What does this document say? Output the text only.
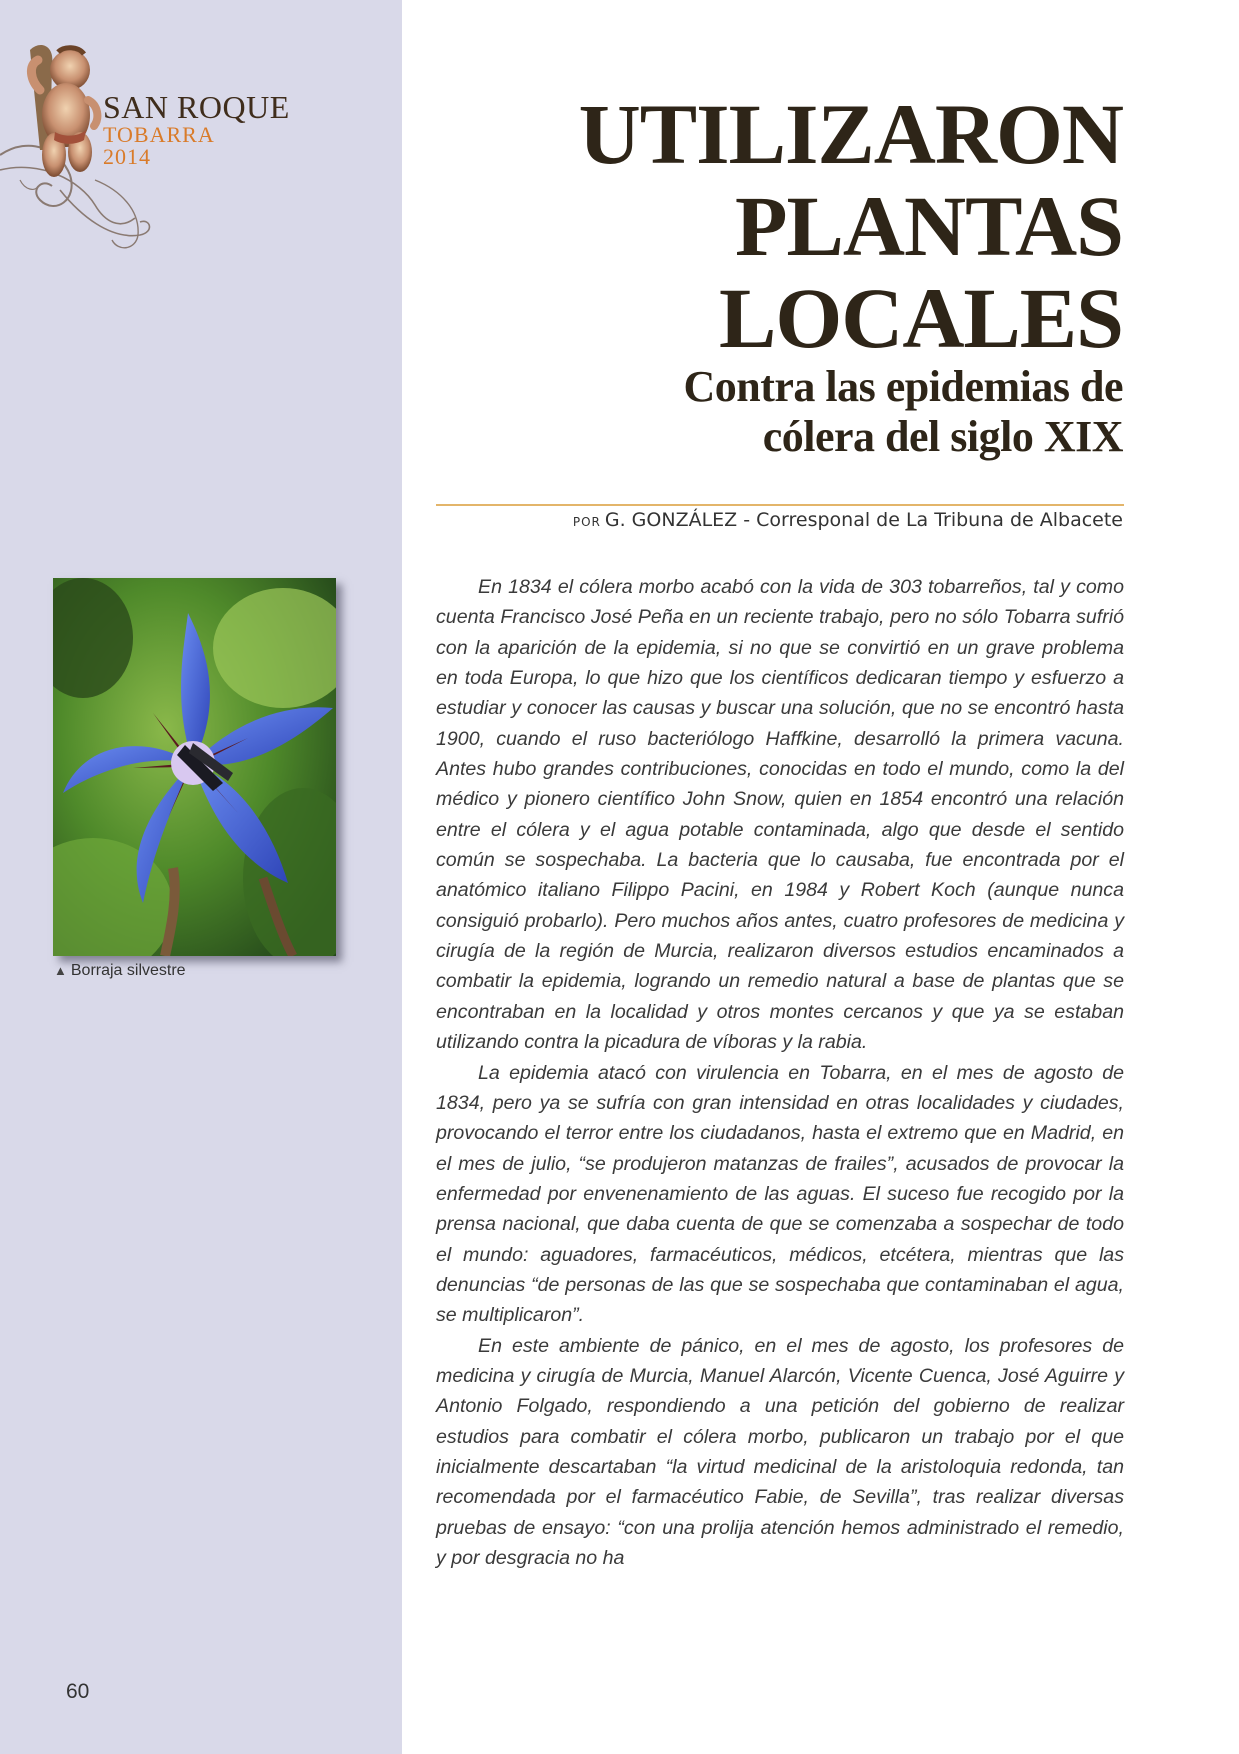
SAN ROQUE
TOBARRA
2014
▲ Borraja silvestre
60
UTILIZARON
PLANTAS
LOCALES
Contra las epidemias de
cólera del siglo XIX
POR G. GONZÁLEZ - Corresponal de La Tribuna de Albacete

En 1834 el cólera morbo acabó con la vida de 303 tobarreños, tal y como cuenta Francisco José Peña en un reciente trabajo, pero no sólo Tobarra sufrió con la aparición de la epidemia, si no que se convirtió en un grave problema en toda Europa, lo que hizo que los científicos dedicaran tiempo y esfuerzo a estudiar y conocer las causas y buscar una solución, que no se encontró hasta 1900, cuando el ruso bacteriólogo Haffkine, desarrolló la primera vacuna. Antes hubo grandes contribuciones, conocidas en todo el mundo, como la del médico y pionero científico John Snow, quien en 1854 encontró una relación entre el cólera y el agua potable contaminada, algo que desde el sentido común se sospechaba. La bacteria que lo causaba, fue encontrada por el anatómico italiano Filippo Pacini, en 1984 y Robert Koch (aunque nunca consiguió probarlo). Pero muchos años antes, cuatro profesores de medicina y cirugía de la región de Murcia, realizaron diversos estudios encaminados a combatir la epidemia, logrando un remedio natural a base de plantas que se encontraban en la localidad y otros montes cercanos y que ya se estaban utilizando contra la picadura de víboras y la rabia.

La epidemia atacó con virulencia en Tobarra, en el mes de agosto de 1834, pero ya se sufría con gran intensidad en otras localidades y ciudades, provocando el terror entre los ciudadanos, hasta el extremo que en Madrid, en el mes de julio, “se produjeron matanzas de frailes”, acusados de provocar la enfermedad por envenenamiento de las aguas. El suceso fue recogido por la prensa nacional, que daba cuenta de que se comenzaba a sospechar de todo el mundo: aguadores, farmacéuticos, médicos, etcétera, mientras que las denuncias “de personas de las que se sospechaba que contaminaban el agua, se multiplicaron”.

En este ambiente de pánico, en el mes de agosto, los profesores de medicina y cirugía de Murcia, Manuel Alarcón, Vicente Cuenca, José Aguirre y Antonio Folgado, respondiendo a una petición del gobierno de realizar estudios para combatir el cólera morbo, publicaron un trabajo por el que inicialmente descartaban “la virtud medicinal de la aristoloquia redonda, tan recomendada por el farmacéutico Fabie, de Sevilla”, tras realizar diversas pruebas de ensayo: “con una prolija atención hemos administrado el remedio, y por desgracia no ha
